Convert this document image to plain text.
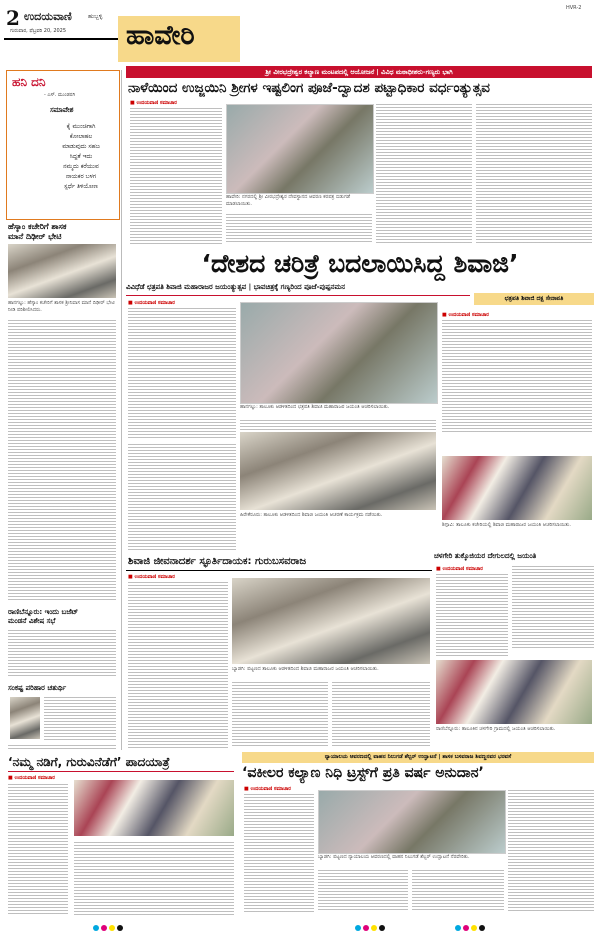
2 ಉದಯವಾಣಿ	ಹುಬ್ಬಳ್ಳಿ
ಗುರುವಾರ, ಫೆಬ್ರವರಿ 20, 2025 ಹಾವೇರಿ
HVR-2
ಹನಿ ದನಿ
- ಎಸ್. ಮುಂಡರಗಿ
ಸಮಾವೇಶ
ಕೈ ಮುಂಚಿಗಾಗಿ
ಕೋಲಾಹಲ
ಮಾಡುವುದು ಸಹಜ
ಸಿದ್ದತೆ ಇದು
ನಮ್ಮದು ಕರೆಯುವ
ನಾಯಕರ ಬಳಗ
ಸ್ಪರ್ಧೆ ತಿಳಿಯೋಣ
ಹೆಸ್ಕಾಂ ಕಚೇರಿಗೆ ಶಾಸಕ
ಮಾನೆ ದಿಢೀರ್ ಭೇಟಿ
ಹಾನಗಲ್ಲು: ಹೆಸ್ಕಾಂ ಕಚೇರಿಗೆ ಶಾಸಕ ಶ್ರೀನಿವಾಸ ಮಾನೆ ದಿಢೀರ್ ಭೇಟಿ ನೀಡಿ ಪರಿಶೀಲಿಸಿದರು.
ರಾಣಿಬೆನ್ನೂರು: ಇಂದು ಬಜೆಟ್
ಮಂಡನೆ ವಿಶೇಷ ಸಭೆ
ಸಂಕಷ್ಟ ಪರಿಹಾರ ಚತುರ್ಥಿ
‘ನಮ್ಮ ನಡಿಗೆ, ಗುರುವಿನೆಡೆಗೆ’ ಪಾದಯಾತ್ರೆ
■ ಉದಯವಾಣಿ ಸಮಾಚಾರ
ಶ್ರೀ ವೀರಭದ್ರೇಶ್ವರ ಕಲ್ಯಾಣ ಮಂಟಪದಲ್ಲಿ ಆಯೋಜನೆ | ವಿವಿಧ ಮಠಾಧೀಶರು-ಗಣ್ಯರು ಭಾಗಿ
ನಾಳೆಯಿಂದ ಉಜ್ಜಯಿನಿ ಶ್ರೀಗಳ ಇಷ್ಟಲಿಂಗ ಪೂಜೆ-ದ್ವಾದಶ ಪಟ್ಟಾಧಿಕಾರ ವರ್ಧಂತ್ಯುತ್ಸವ
■ ಉದಯವಾಣಿ ಸಮಾಚಾರ
ಹಾವೇರಿ: ನಗರದಲ್ಲಿ ಶ್ರೀ ವೀರಭದ್ರೇಶ್ವರ ದೇವಸ್ಥಾನದ ಆವರಣ ಕರಪತ್ರ ಬಿಡುಗಡೆ ಮಾಡಲಾಯಿತು.
‘ದೇಶದ ಚರಿತ್ರೆ ಬದಲಾಯಿಸಿದ್ದ ಶಿವಾಜಿ’
ವಿವಿಧೆಡೆ ಛತ್ರಪತಿ ಶಿವಾಜಿ ಮಹಾರಾಜರ ಜಯಂತ್ಯುತ್ಸವ | ಭಾವಚಿತ್ರಕ್ಕೆ ಗಣ್ಯರಿಂದ ಪೂಜೆ-ಪುಷ್ಪನಮನ
ಛತ್ರಪತಿ ಶಿವಾಜಿ ದಕ್ಷ ಸೇನಾಪತಿ
■ ಉದಯವಾಣಿ ಸಮಾಚಾರ
ಹಾನಗಲ್ಲು: ತಾಲೂಕು ಆಡಳಿತದಿಂದ ಛತ್ರಪತಿ ಶಿವಾಜಿ ಮಹಾರಾಜರ ಜಯಂತಿ ಆಚರಿಸಲಾಯಿತು.
■ ಉದಯವಾಣಿ ಸಮಾಚಾರ
ಹಿರೇಕೆರೂರು: ತಾಲೂಕು ಆಡಳಿತದಿಂದ ಶಿವಾಜಿ ಜಯಂತಿ ಆಚರಣೆ ಕಾರ್ಯಕ್ರಮ ನಡೆಯಿತು.
ಶಿಗ್ಗಾವಿ: ತಾಲೂಕು ಕಚೇರಿಯಲ್ಲಿ ಶಿವಾಜಿ ಮಹಾರಾಜರ ಜಯಂತಿ ಆಚರಿಸಲಾಯಿತು.
ಶಿವಾಜಿ ಜೀವನಾದರ್ಶ ಸ್ಫೂರ್ತಿದಾಯಕ: ಗುರುಬಸವರಾಜ
■ ಉದಯವಾಣಿ ಸಮಾಚಾರ
ಬ್ಯಾಡಗಿ: ಪಟ್ಟಣದ ತಾಲೂಕು ಆಡಳಿತದಿಂದ ಶಿವಾಜಿ ಮಹಾರಾಜರ ಜಯಂತಿ ಆಚರಿಸಲಾಯಿತು.
ಚಳಗೇರಿ ತುಕ್ಕೊಜಿಯರ ದೇಗುಲದಲ್ಲಿ ಜಯಂತಿ
■ ಉದಯವಾಣಿ ಸಮಾಚಾರ
ರಾಣಿಬೆನ್ನೂರು: ತಾಲೂಕಿನ ಚಳಗೇರಿ ಗ್ರಾಮದಲ್ಲಿ ಜಯಂತಿ ಆಚರಿಸಲಾಯಿತು.
ನ್ಯಾಯಾಲಯ ಆವರಣದಲ್ಲಿ ವಾಹನ ನಿಲುಗಡೆ ಶೆಲ್ಟರ್ ಉದ್ಘಾಟನೆ | ಶಾಸಕ ಬಸವರಾಜ ಶಿವಣ್ಣನವರ ಭರವಸೆ
‘ವಕೀಲರ ಕಲ್ಯಾಣ ನಿಧಿ ಟ್ರಸ್ಟ್‌ಗೆ ಪ್ರತಿ ವರ್ಷ ಅನುದಾನ’
■ ಉದಯವಾಣಿ ಸಮಾಚಾರ
ಬ್ಯಾಡಗಿ: ಪಟ್ಟಣದ ನ್ಯಾಯಾಲಯ ಆವರಣದಲ್ಲಿ ವಾಹನ ನಿಲುಗಡೆ ಶೆಲ್ಟರ್ ಉದ್ಘಾಟನೆ ನೆರವೇರಿತು.
